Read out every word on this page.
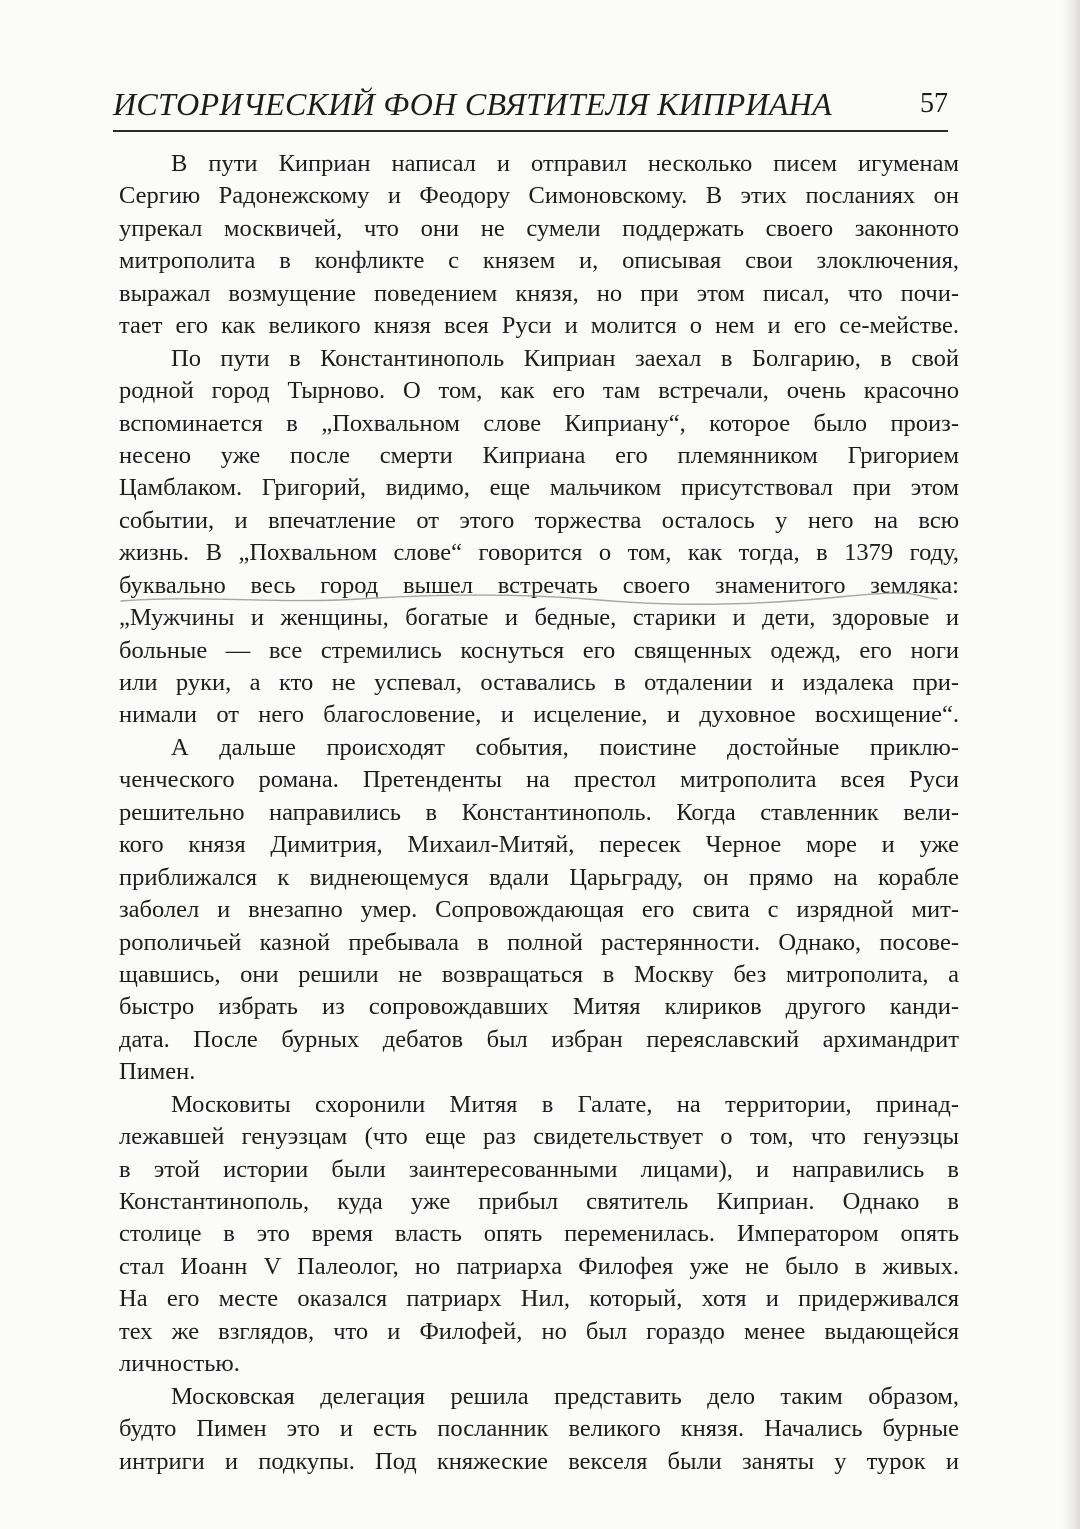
ИСТОРИЧЕСКИЙ ФОН СВЯТИТЕЛЯ КИПРИАНА	57

В пути Киприан написал и отправил несколько писем игуменам
Сергию Радонежскому и Феодору Симоновскому. В этих посланиях он
упрекал москвичей, что они не сумели поддержать своего законното
митрополита в конфликте с князем и, описывая свои злоключения,
выражал возмущение поведением князя, но при этом писал, что почи-
тает его как великого князя всея Руси и молится о нем и его се-мействе.

По пути в Константинополь Киприан заехал в Болгарию, в свой
родной город Тырново. О том, как его там встречали, очень красочно
вспоминается в „Похвальном слове Киприану“, которое было произ-
несено уже после смерти Киприана его племянником Григорием
Цамблаком. Григорий, видимо, еще мальчиком присутствовал при этом
событии, и впечатление от этого торжества осталось у него на всю
жизнь. В „Похвальном слове“ говорится о том, как тогда, в 1379 году,
буквально весь город вышел встречать своего знаменитого земляка:
„Мужчины и женщины, богатые и бедные, старики и дети, здоровые и
больные — все стремились коснуться его священных одежд, его ноги
или руки, а кто не успевал, оставались в отдалении и издалека при-
нимали от него благословение, и исцеление, и духовное восхищение“.

А дальше происходят события, поистине достойные приклю-
ченческого романа. Претенденты на престол митрополита всея Руси
решительно направились в Константинополь. Когда ставленник вели-
кого князя Димитрия, Михаил-Митяй, пересек Черное море и уже
приближался к виднеющемуся вдали Царьграду, он прямо на корабле
заболел и внезапно умер. Сопровождающая его свита с изрядной мит-
рополичьей казной пребывала в полной растерянности. Однако, посове-
щавшись, они решили не возвращаться в Москву без митрополита, а
быстро избрать из сопровождавших Митяя клириков другого канди-
дата. После бурных дебатов был избран переяславский архимандрит
Пимен.

Московиты схоронили Митяя в Галате, на территории, принад-
лежавшей генуэзцам (что еще раз свидетельствует о том, что генуэзцы
в этой истории были заинтересованными лицами), и направились в
Константинополь, куда уже прибыл святитель Киприан. Однако в
столице в это время власть опять переменилась. Императором опять
стал Иоанн V Палеолог, но патриарха Филофея уже не было в живых.
На его месте оказался патриарх Нил, который, хотя и придерживался
тех же взглядов, что и Филофей, но был гораздо менее выдающейся
личностью.

Московская делегация решила представить дело таким образом,
будто Пимен это и есть посланник великого князя. Начались бурные
интриги и подкупы. Под княжеские векселя были заняты у турок и
